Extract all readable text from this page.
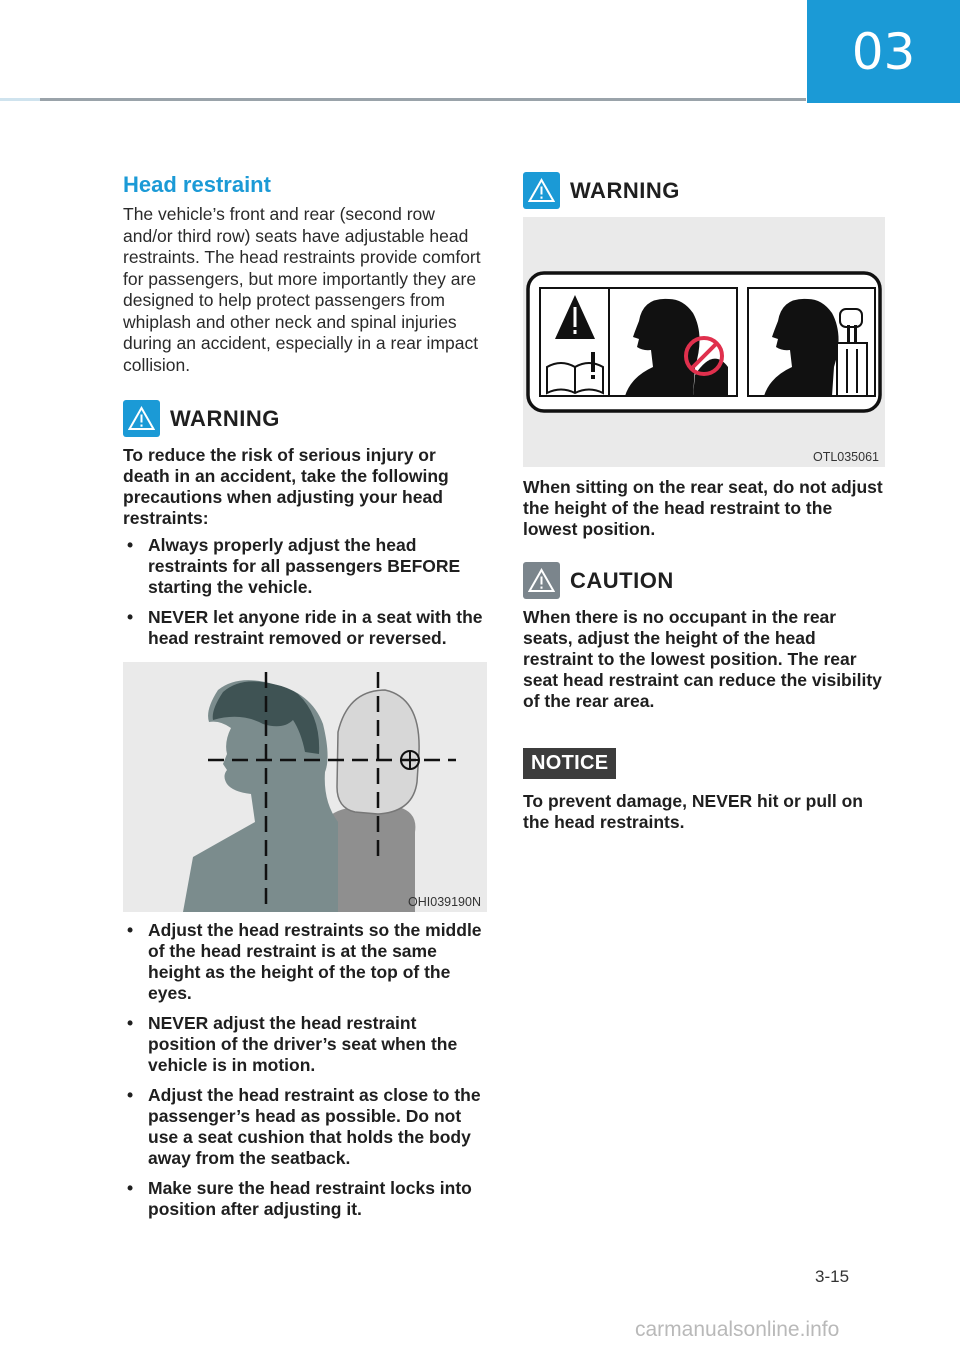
03
Head restraint

The vehicle’s front and rear (second row and/or third row) seats have adjustable head restraints. The head restraints provide comfort for passengers, but more importantly they are designed to help protect passengers from whiplash and other neck and spinal injuries during an accident, especially in a rear impact collision.

WARNING

To reduce the risk of serious injury or death in an accident, take the following precautions when adjusting your head restraints:

• Always properly adjust the head restraints for all passengers BEFORE starting the vehicle.
• NEVER let anyone ride in a seat with the head restraint removed or reversed.
OHI039190N
• Adjust the head restraints so the middle of the head restraint is at the same height as the height of the top of the eyes.
• NEVER adjust the head restraint position of the driver’s seat when the vehicle is in motion.
• Adjust the head restraint as close to the passenger’s head as possible. Do not use a seat cushion that holds the body away from the seatback.
• Make sure the head restraint locks into position after adjusting it.
WARNING
OTL035061

When sitting on the rear seat, do not adjust the height of the head restraint to the lowest position.

CAUTION

When there is no occupant in the rear seats, adjust the height of the head restraint to the lowest position. The rear seat head restraint can reduce the visibility of the rear area.

NOTICE

To prevent damage, NEVER hit or pull on the head restraints.

3-15
carmanualsonline.info
